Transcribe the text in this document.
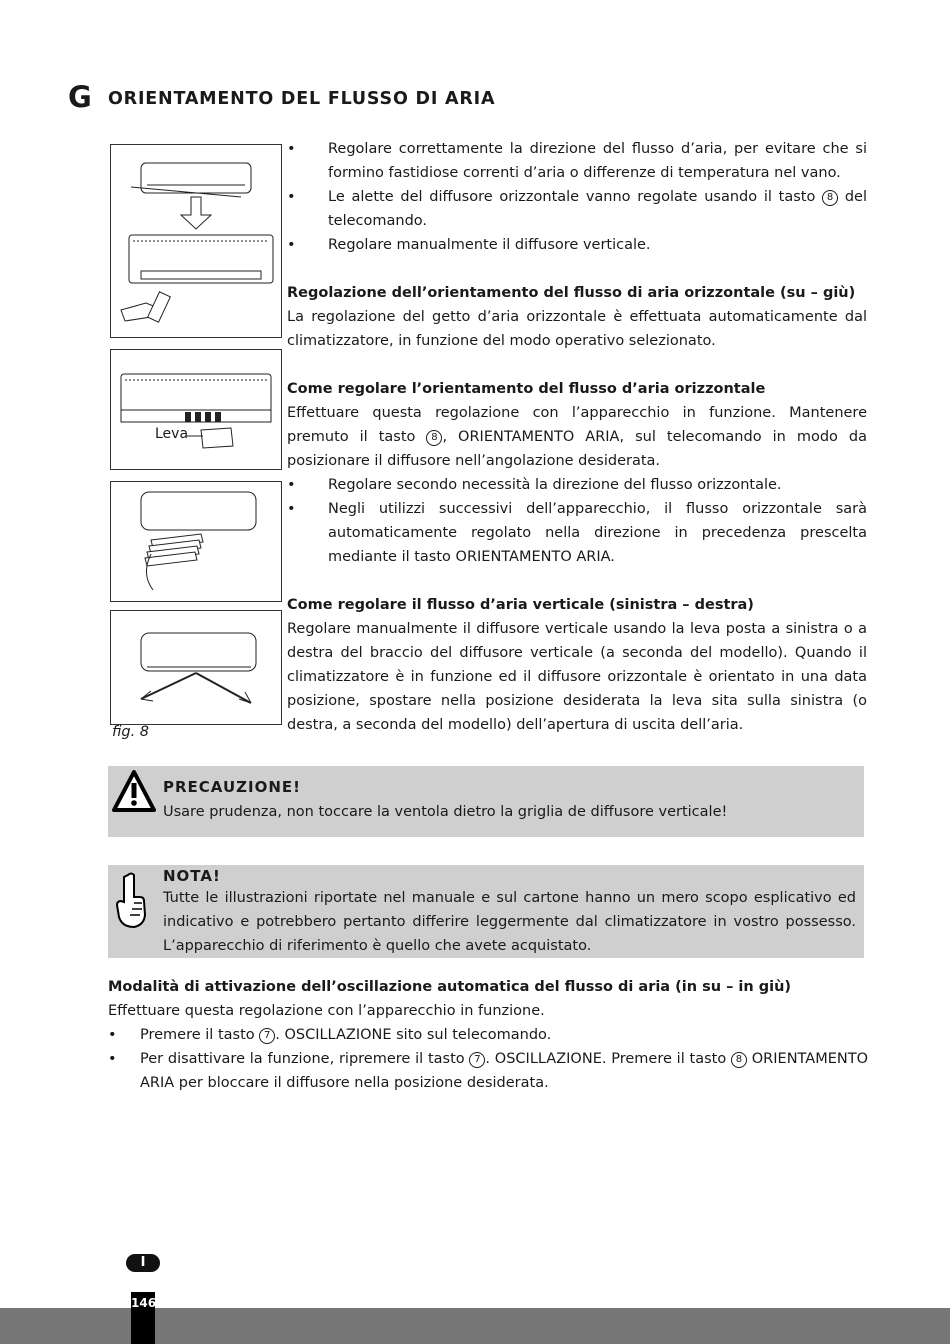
G ORIENTAMENTO DEL FLUSSO DI ARIA
Leva
fig. 8
• Regolare correttamente la direzione del flusso d’aria, per evitare che si formino fastidiose correnti d’aria o differenze di temperatura nel vano.
• Le alette del diffusore orizzontale vanno regolate usando il tasto 8 del telecomando.
• Regolare manualmente il diffusore verticale.

Regolazione dell’orientamento del flusso di aria orizzontale (su – giù)

La regolazione del getto d’aria orizzontale è effettuata automaticamente dal climatizzatore, in funzione del modo operativo selezionato.

Come regolare l’orientamento del flusso d’aria orizzontale

Effettuare questa regolazione con l’apparecchio in funzione. Mantenere premuto il tasto 8 , ORIENTAMENTO ARIA, sul telecomando in modo da posizionare il diffusore nell’angolazione desiderata.

• Regolare secondo necessità la direzione del flusso orizzontale.
• Negli utilizzi successivi dell’apparecchio, il flusso orizzontale sarà automaticamente regolato nella direzione in precedenza prescelta mediante il tasto ORIENTAMENTO ARIA.

Come regolare il flusso d’aria verticale (sinistra – destra)

Regolare manualmente il diffusore verticale usando la leva posta a sinistra o a destra del braccio del diffusore verticale (a seconda del modello). Quando il climatizzatore è in funzione ed il diffusore orizzontale è orientato in una data posizione, spostare nella posizione desiderata la leva sita sulla sinistra (o destra, a seconda del modello) dell’apertura di uscita dell’aria.

PRECAUZIONE!
Usare prudenza, non toccare la ventola dietro la griglia de diffusore verticale!
NOTA!
Tutte le illustrazioni riportate nel manuale e sul cartone hanno un mero scopo esplicativo ed indicativo e potrebbero pertanto differire leggermente dal climatizzatore in vostro possesso. L’apparecchio di riferimento è quello che avete acquistato.

Modalità di attivazione dell’oscillazione automatica del flusso di aria (in su – in giù)

Effettuare questa regolazione con l’apparecchio in funzione.

• Premere il tasto 7 . OSCILLAZIONE sito sul telecomando.
• Per disattivare la funzione, ripremere il tasto 7 . OSCILLAZIONE. Premere il tasto 8 ORIENTAMENTO ARIA per bloccare il diffusore nella posizione desiderata.
I
146
